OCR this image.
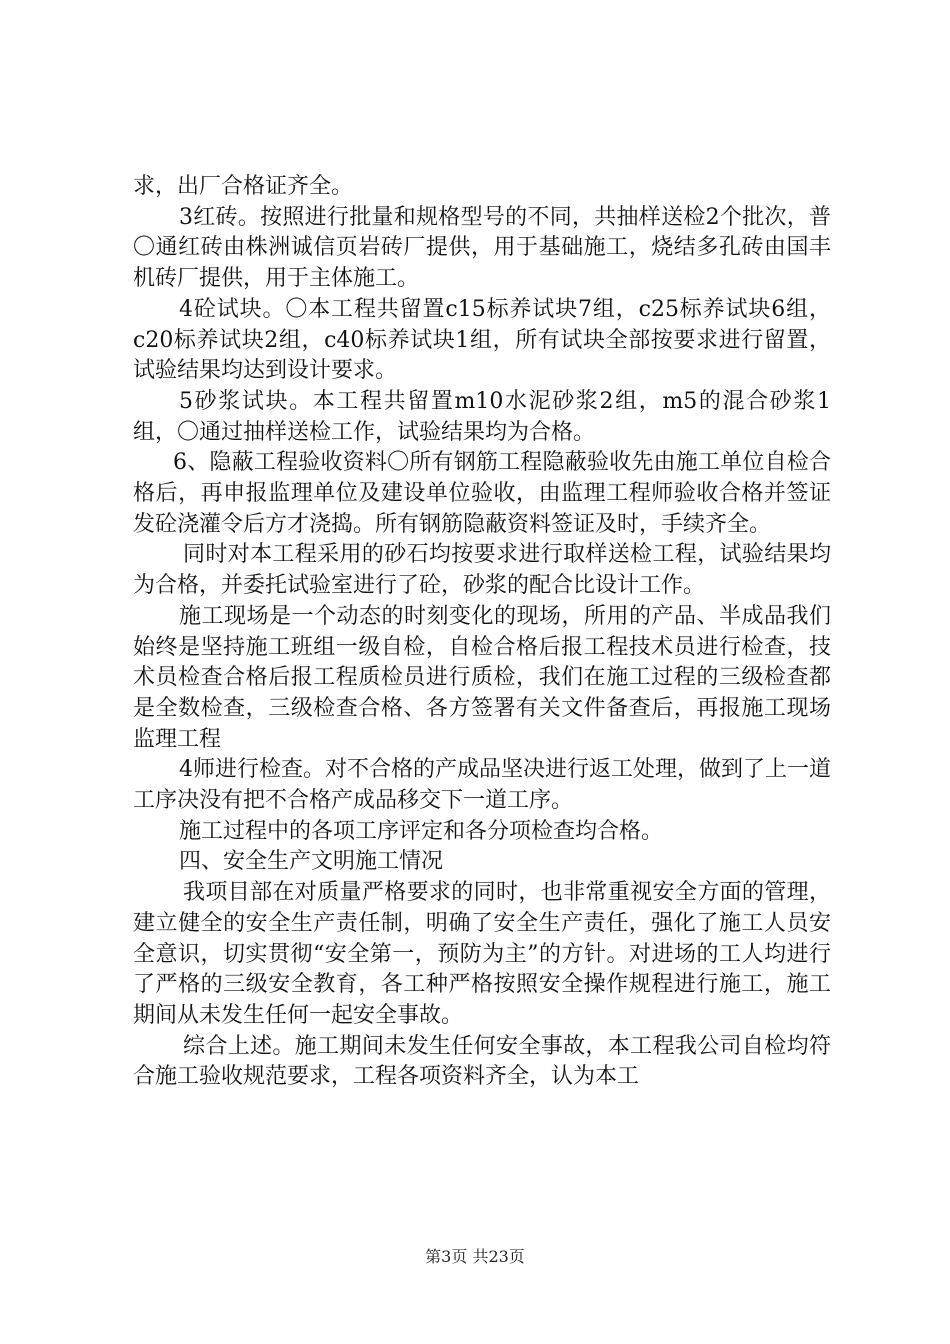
求，出厂合格证齐全。

3红砖。按照进行批量和规格型号的不同，共抽样送检2个批次，普〇通红砖由株洲诚信页岩砖厂提供，用于基础施工，烧结多孔砖由国丰机砖厂提供，用于主体施工。

4砼试块。〇本工程共留置c15标养试块7组，c25标养试块6组，c20标养试块2组，c40标养试块1组，所有试块全部按要求进行留置，试验结果均达到设计要求。

5砂浆试块。本工程共留置m10水泥砂浆2组，m5的混合砂浆1组，〇通过抽样送检工作，试验结果均为合格。

6、隐蔽工程验收资料〇所有钢筋工程隐蔽验收先由施工单位自检合格后，再申报监理单位及建设单位验收，由监理工程师验收合格并签证发砼浇灌令后方才浇捣。所有钢筋隐蔽资料签证及时，手续齐全。

同时对本工程采用的砂石均按要求进行取样送检工程，试验结果均为合格，并委托试验室进行了砼，砂浆的配合比设计工作。

施工现场是一个动态的时刻变化的现场，所用的产品、半成品我们始终是坚持施工班组一级自检，自检合格后报工程技术员进行检查，技术员检查合格后报工程质检员进行质检，我们在施工过程的三级检查都是全数检查，三级检查合格、各方签署有关文件备查后，再报施工现场监理工程

4师进行检查。对不合格的产成品坚决进行返工处理，做到了上一道工序决没有把不合格产成品移交下一道工序。

施工过程中的各项工序评定和各分项检查均合格。

四、安全生产文明施工情况

我项目部在对质量严格要求的同时，也非常重视安全方面的管理，建立健全的安全生产责任制，明确了安全生产责任，强化了施工人员安全意识，切实贯彻“安全第一，预防为主”的方针。对进场的工人均进行了严格的三级安全教育，各工种严格按照安全操作规程进行施工，施工期间从未发生任何一起安全事故。

综合上述。施工期间未发生任何安全事故，本工程我公司自检均符合施工验收规范要求，工程各项资料齐全，认为本工

第3页 共23页
